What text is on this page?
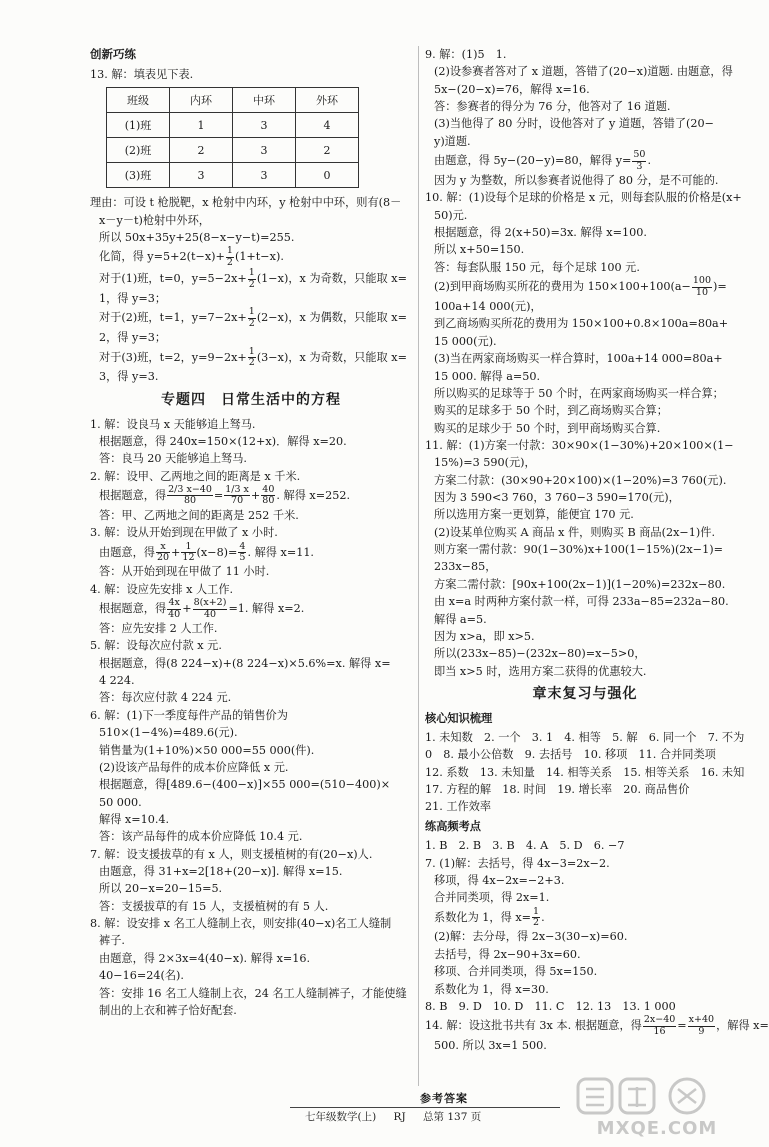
创新巧练

13. 解：填表见下表.

班级	内环	中环	外环
(1)班	1	3	4
(2)班	2	3	2
(3)班	3	3	0

理由：可设 t 枪脱靶，x 枪射中内环，y 枪射中中环，则有(8－

x－y－t)枪射中外环，

所以 50x+35y+25(8−x−y−t)=255.

化简，得 $y=5+2(t-x)+ \frac{1}{2} (1+t-x)$.

对于(1)班，t=0，$y=5-2x+ \frac{1}{2} (1-x)$，x 为奇数，只能取 x=

1，得 y=3；

对于(2)班，t=1，$y=7-2x+ \frac{1}{2} (2-x)$，x 为偶数，只能取 x=

2，得 y=3；

对于(3)班，t=2，$y=9-2x+ \frac{1}{2} (3-x)$，x 为奇数，只能取 x=

3，得 y=3.

专题四　日常生活中的方程

1. 解：设良马 x 天能够追上驽马.

根据题意，得 240x=150×(12+x)．解得 x=20.

答：良马 20 天能够追上驽马.

2. 解：设甲、乙两地之间的距离是 x 千米.

根据题意，得 $\frac{2/3 x-40}{80} = \frac{1/3 x}{70} + \frac{40}{80}$ . 解得 x=252.

答：甲、乙两地之间的距离是 252 千米.

3. 解：设从开始到现在甲做了 x 小时.

由题意，得 $\frac{x}{20} + \frac{1}{12} (x-8)= \frac{4}{5}$ . 解得 x=11.

答：从开始到现在甲做了 11 小时.

4. 解：设应先安排 x 人工作.

根据题意，得 $\frac{4x}{40} + \frac{8(x+2)}{40} =1$. 解得 x=2.

答：应先安排 2 人工作.

5. 解：设每次应付款 x 元.

根据题意，得(8 224−x)+(8 224−x)×5.6%=x. 解得 x=

4 224.

答：每次应付款 4 224 元.

6. 解：(1)下一季度每件产品的销售价为

510×(1−4%)=489.6(元).

销售量为(1+10%)×50 000=55 000(件).

(2)设该产品每件的成本价应降低 x 元.

根据题意，得[489.6−(400−x)]×55 000=(510−400)×

50 000.

解得 x=10.4.

答：该产品每件的成本价应降低 10.4 元.

7. 解：设支援拔草的有 x 人，则支援植树的有(20−x)人.

由题意，得 31+x=2[18+(20−x)]. 解得 x=15.

所以 20−x=20−15=5.

答：支援拔草的有 15 人，支援植树的有 5 人.

8. 解：设安排 x 名工人缝制上衣，则安排(40−x)名工人缝制

裤子.

由题意，得 2×3x=4(40−x). 解得 x=16.

40−16=24(名).

答：安排 16 名工人缝制上衣，24 名工人缝制裤子，才能使缝

制出的上衣和裤子恰好配套.

9. 解：(1)5　1.

(2)设参赛者答对了 x 道题，答错了(20−x)道题. 由题意，得

5x−(20−x)=76，解得 x=16.

答：参赛者的得分为 76 分，他答对了 16 道题.

(3)当他得了 80 分时，设他答对了 y 道题，答错了(20−

y)道题.

由题意，得 5y−(20−y)=80，解得 $y= \frac{50}{3}$ .

因为 y 为整数，所以参赛者说他得了 80 分，是不可能的.

10. 解：(1)设每个足球的价格是 x 元，则每套队服的价格是(x+

50)元.

根据题意，得 2(x+50)=3x. 解得 x=100.

所以 x+50=150.

答：每套队服 150 元，每个足球 100 元.

(2)到甲商场购买所花的费用为 $150\times 100+100(a- \frac{100}{10}$ )=

100a+14 000(元)，

到乙商场购买所花的费用为 150×100+0.8×100a=80a+

15 000(元).

(3)当在两家商场购买一样合算时，100a+14 000=80a+

15 000. 解得 a=50.

所以购买的足球等于 50 个时，在两家商场购买一样合算；

购买的足球多于 50 个时，到乙商场购买合算；

购买的足球少于 50 个时，到甲商场购买合算.

11. 解：(1)方案一付款：30×90×(1−30%)+20×100×(1−

15%)=3 590(元)，

方案二付款：(30×90+20×100)×(1−20%)=3 760(元).

因为 3 590<3 760，3 760−3 590=170(元)，

所以选用方案一更划算，能便宜 170 元.

(2)设某单位购买 A 商品 x 件，则购买 B 商品(2x−1)件.

则方案一需付款：90(1−30%)x+100(1−15%)(2x−1)=

233x−85，

方案二需付款：[90x+100(2x−1)](1−20%)=232x−80.

由 x=a 时两种方案付款一样，可得 233a−85=232a−80.

解得 a=5.

因为 x>a，即 x>5.

所以(233x−85)−(232x−80)=x−5>0，

即当 x>5 时，选用方案二获得的优惠较大.

章末复习与强化
核心知识梳理

1. 未知数　2. 一个　3. 1　4. 相等　5. 解　6. 同一个　7. 不为

0　8. 最小公倍数　9. 去括号　10. 移项　11. 合并同类项

12. 系数　13. 未知量　14. 相等关系　15. 相等关系　16. 未知

17. 方程的解　18. 时间　19. 增长率　20. 商品售价

21. 工作效率

练高频考点

1. B　2. B　3. B　4. A　5. D　6. −7

7. (1)解：去括号，得 4x−3=2x−2.

移项，得 4x−2x=−2+3.

合并同类项，得 2x=1.

系数化为 1，得 $x= \frac{1}{2}$ .

(2)解：去分母，得 2x−3(30−x)=60.

去括号，得 2x−90+3x=60.

移项、合并同类项，得 5x=150.

系数化为 1，得 x=30.

8. B　9. D　10. D　11. C　12. 13　13. 1 000

14. 解：设这批书共有 3x 本. 根据题意，得 $\frac{2x-40}{16} = \frac{x+40}{9}$ ，解得 x=

500. 所以 3x=1 500.

参考答案
七年级数学(上) RJ 总第 137 页
MXQE.COM
